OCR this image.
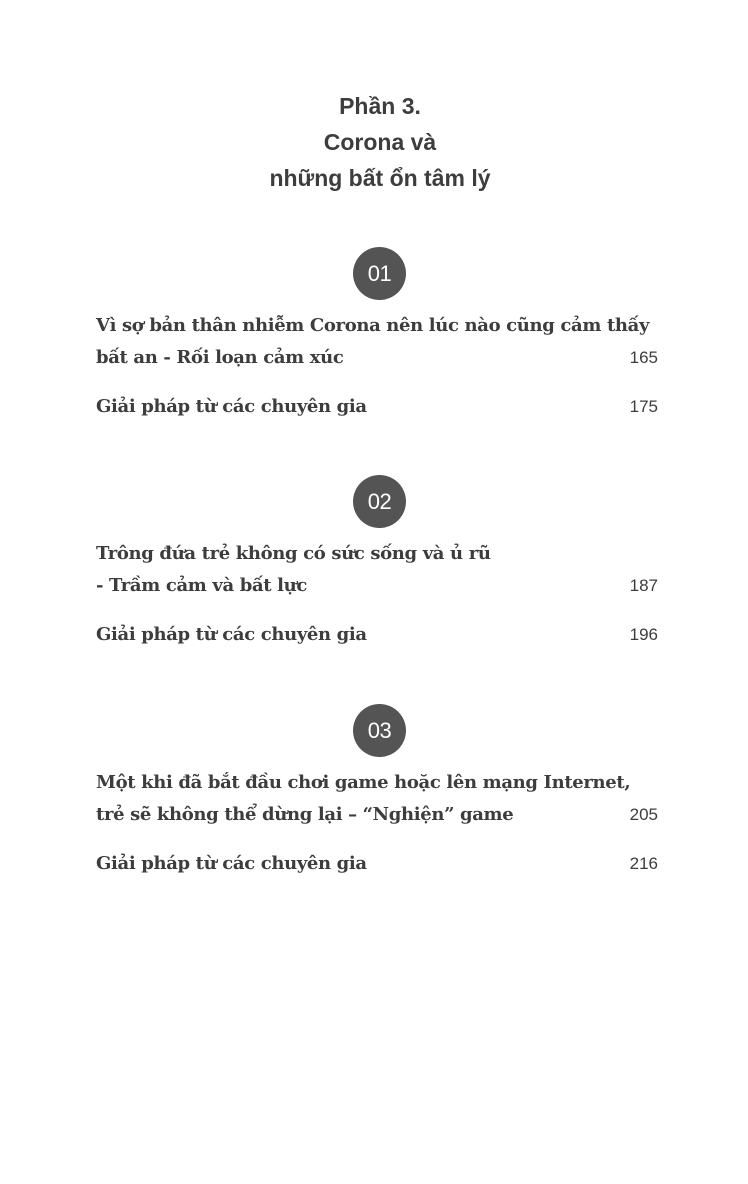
Phần 3.
Corona và
những bất ổn tâm lý
01
Vì sợ bản thân nhiễm Corona nên lúc nào cũng cảm thấy
bất an - Rối loạn cảm xúc	165
Giải pháp từ các chuyên gia	175
02
Trông đứa trẻ không có sức sống và ủ rũ
- Trầm cảm và bất lực	187
Giải pháp từ các chuyên gia	196
03
Một khi đã bắt đầu chơi game hoặc lên mạng Internet,
trẻ sẽ không thể dừng lại – “Nghiện” game	205
Giải pháp từ các chuyên gia	216
